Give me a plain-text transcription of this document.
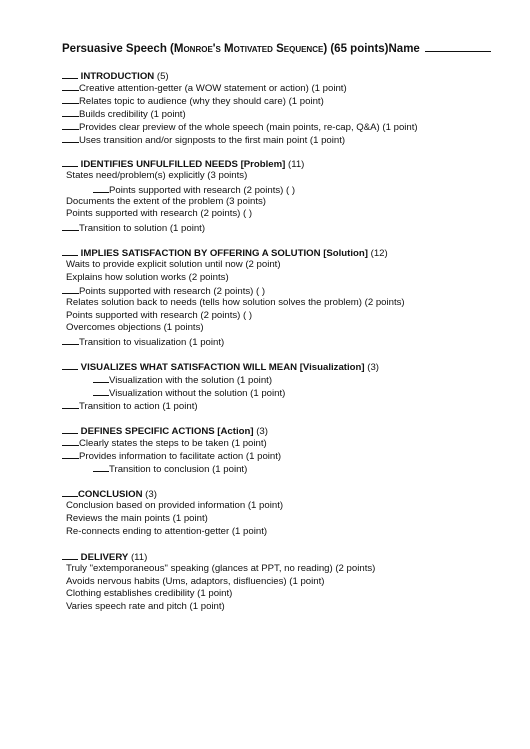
Persuasive Speech (Monroe's Motivated Sequence) (65 points)Name
INTRODUCTION (5)
Creative attention-getter (a WOW statement or action) (1 point)
Relates topic to audience (why they should care) (1 point)
Builds credibility (1 point)
Provides clear preview of the whole speech (main points, re-cap, Q&A) (1 point)
Uses transition and/or signposts to the first main point (1 point)
IDENTIFIES UNFULFILLED NEEDS [Problem] (11)
States need/problem(s) explicitly (3 points)
Points supported with research (2 points) ( )
Documents the extent of the problem (3 points)
Points supported with research (2 points) ( )
Transition to solution (1 point)
IMPLIES SATISFACTION BY OFFERING A SOLUTION [Solution] (12)
Waits to provide explicit solution until now (2 point)
Explains how solution works (2 points)
Points supported with research (2 points) ( )
Relates solution back to needs (tells how solution solves the problem) (2 points)
Points supported with research (2 points) ( )
Overcomes objections (1 points)
Transition to visualization (1 point)
VISUALIZES WHAT SATISFACTION WILL MEAN [Visualization] (3)
Visualization with the solution (1 point)
Visualization without the solution (1 point)
Transition to action (1 point)
DEFINES SPECIFIC ACTIONS [Action] (3)
Clearly states the steps to be taken (1 point)
Provides information to facilitate action (1 point)
Transition to conclusion (1 point)
CONCLUSION (3)
Conclusion based on provided information (1 point)
Reviews the main points (1 point)
Re-connects ending to attention-getter (1 point)
DELIVERY (11)
Truly "extemporaneous" speaking (glances at PPT, no reading) (2 points)
Avoids nervous habits (Ums, adaptors, disfluencies) (1 point)
Clothing establishes credibility (1 point)
Varies speech rate and pitch (1 point)
